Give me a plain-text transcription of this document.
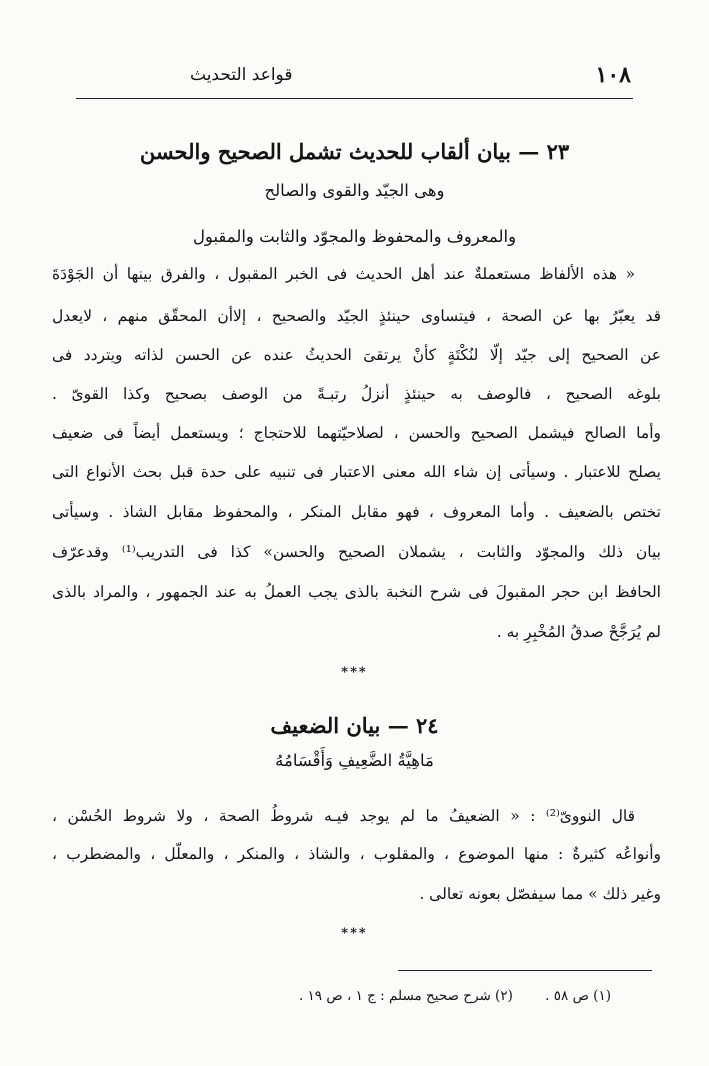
١٠٨
قواعد التحديث
٢٣ — بيان ألقاب للحديث تشمل الصحيح والحسن
وهى الجيّد والقوى والصالح
والمعروف والمحفوظ والمجوّد والثابت والمقبول
« هذه الألفاظ مستعملةٌ عند أهل الحديث فى الخبر المقبول ، والفرق بينها أن الجَوْدَةَ
قد يعبّرُ بها عن الصحة ، فيتساوى حينئذٍ الجيّد والصحيح ، إلاأن المحقّق منهم ، لايعدل
عن الصحيح إلى جيّد إلّا لنُكْتَةٍ كأنْ يرتقىَ الحديثُ عنده عن الحسن لذاته ويتردد فى
بلوغه الصحيح ، فالوصف به حينئذٍ أنزلُ رتبـةً من الوصف بصحيح وكذا القوىّ .
وأما الصالح فيشمل الصحيح والحسن ، لصلاحيّتهما للاحتجاج ؛ ويستعمل أيضاً فى ضعيف
يصلح للاعتبار . وسيأتى إن شاء الله معنى الاعتبار فى تنبيه على حدة قبل بحث الأنواع التى
تختص بالضعيف . وأما المعروف ، فهو مقابل المنكر ، والمحفوظ مقابل الشاذ . وسيأتى
بيان ذلك والمجوّد والثابت ، يشملان الصحيح والحسن» كذا فى التدريب⁽¹⁾ وقدعرّف
الحافظ ابن حجر المقبولَ فى شرح النخبة بالذى يجب العملُ به عند الجمهور ، والمراد بالذى
لم يُرَجَّحْ صدقُ المُخْبِرِ به .
***
٢٤ — بيان الضعيف
مَاهِيَّةُ الضَّعِيفِ وَأَقْسَامُهُ
قال النووىّ⁽²⁾ : « الضعيفُ ما لم يوجد فيـه شروطُ الصحة ، ولا شروط الحُسْن ،
وأنواعُه كثيرةٌ : منها الموضوع ، والمقلوب ، والشاذ ، والمنكر ، والمعلّل ، والمضطرب ،
وغير ذلك » مما سيفصّل بعونه تعالى .
***
(١) ص ٥٨ . (٢) شرح صحيح مسلم : ج ١ ، ص ١٩ .
